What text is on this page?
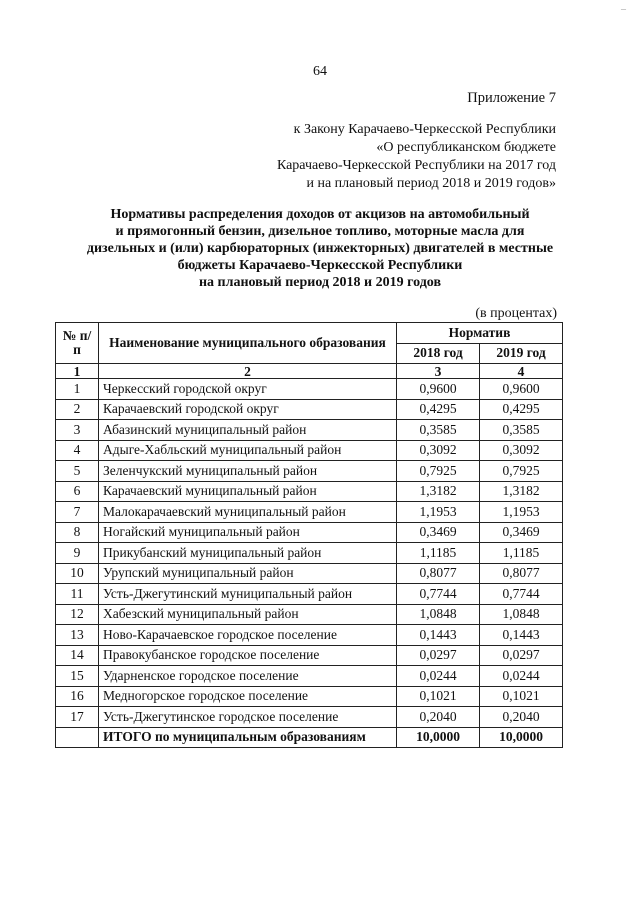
–
64
Приложение 7
к Закону Карачаево-Черкесской Республики
«О республиканском бюджете
Карачаево-Черкесской Республики на 2017 год
и на плановый период 2018 и 2019 годов»
Нормативы распределения доходов от акцизов на автомобильный
и прямогонный бензин, дизельное топливо, моторные масла для
дизельных и (или) карбюраторных (инжекторных) двигателей в местные
бюджеты Карачаево-Черкесской Республики
на плановый период 2018 и 2019 годов
(в процентах)
№ п/п	Наименование муниципального образования	Норматив	
		2018 год	2019 год
1	2	3	4
1	Черкесский городской округ	0,9600	0,9600
2	Карачаевский городской округ	0,4295	0,4295
3	Абазинский муниципальный район	0,3585	0,3585
4	Адыге-Хабльский муниципальный район	0,3092	0,3092
5	Зеленчукский муниципальный район	0,7925	0,7925
6	Карачаевский муниципальный район	1,3182	1,3182
7	Малокарачаевский муниципальный район	1,1953	1,1953
8	Ногайский муниципальный район	0,3469	0,3469
9	Прикубанский муниципальный район	1,1185	1,1185
10	Урупский муниципальный район	0,8077	0,8077
11	Усть-Джегутинский муниципальный район	0,7744	0,7744
12	Хабезский муниципальный район	1,0848	1,0848
13	Ново-Карачаевское городское поселение	0,1443	0,1443
14	Правокубанское городское поселение	0,0297	0,0297
15	Ударненское городское поселение	0,0244	0,0244
16	Медногорское городское поселение	0,1021	0,1021
17	Усть-Джегутинское городское поселение	0,2040	0,2040
	ИТОГО по муниципальным образованиям	10,0000	10,0000
